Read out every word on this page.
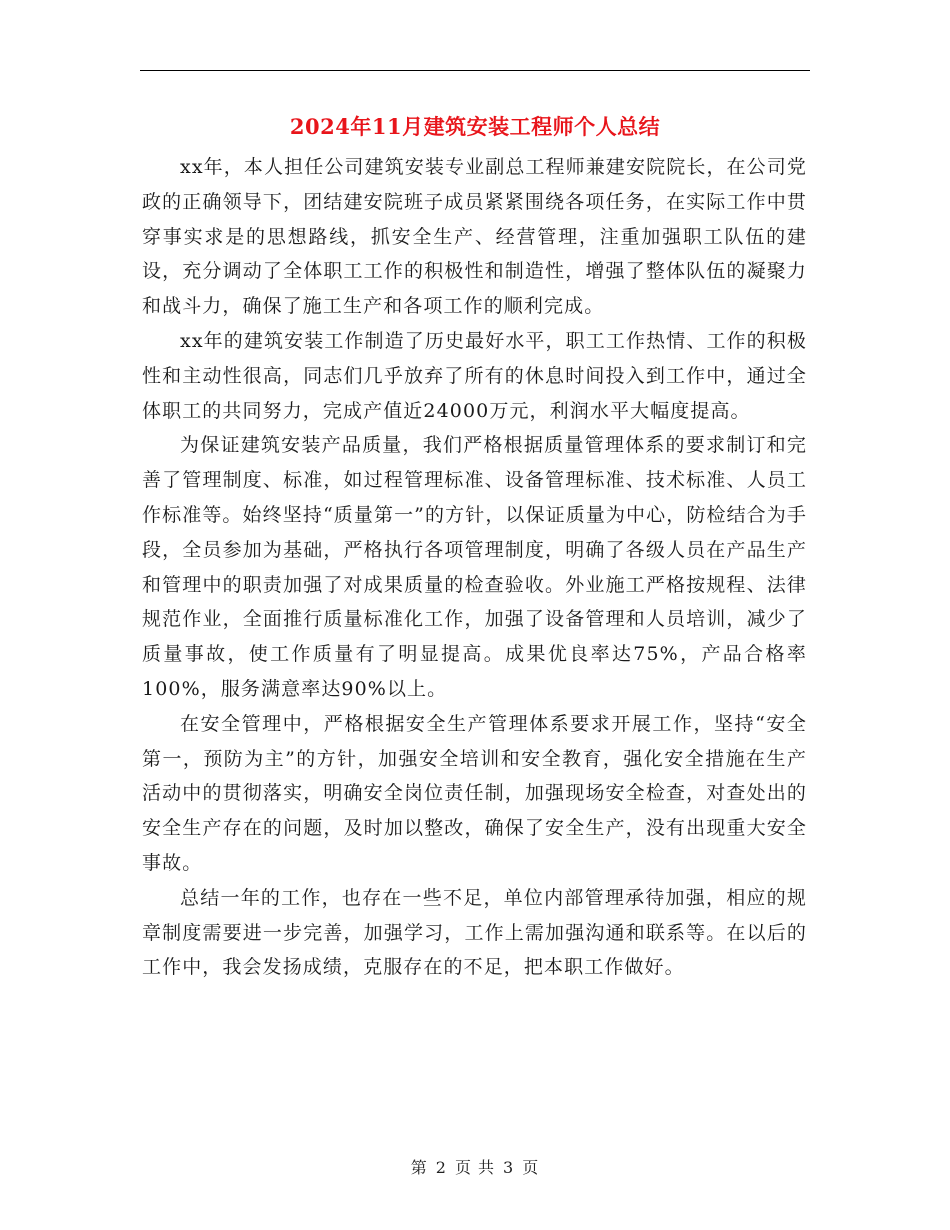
2024年11月建筑安装工程师个人总结

xx年，本人担任公司建筑安装专业副总工程师兼建安院院长，在公司党政的正确领导下，团结建安院班子成员紧紧围绕各项任务，在实际工作中贯穿事实求是的思想路线，抓安全生产、经营管理，注重加强职工队伍的建设，充分调动了全体职工工作的积极性和制造性，增强了整体队伍的凝聚力和战斗力，确保了施工生产和各项工作的顺利完成。

xx年的建筑安装工作制造了历史最好水平，职工工作热情、工作的积极性和主动性很高，同志们几乎放弃了所有的休息时间投入到工作中，通过全体职工的共同努力，完成产值近24000万元，利润水平大幅度提高。

为保证建筑安装产品质量，我们严格根据质量管理体系的要求制订和完善了管理制度、标准，如过程管理标准、设备管理标准、技术标准、人员工作标准等。始终坚持“质量第一”的方针，以保证质量为中心，防检结合为手段，全员参加为基础，严格执行各项管理制度，明确了各级人员在产品生产和管理中的职责加强了对成果质量的检查验收。外业施工严格按规程、法律规范作业，全面推行质量标准化工作，加强了设备管理和人员培训，减少了质量事故，使工作质量有了明显提高。成果优良率达75%，产品合格率100%，服务满意率达90%以上。

在安全管理中，严格根据安全生产管理体系要求开展工作，坚持“安全第一，预防为主”的方针，加强安全培训和安全教育，强化安全措施在生产活动中的贯彻落实，明确安全岗位责任制，加强现场安全检查，对查处出的安全生产存在的问题，及时加以整改，确保了安全生产，没有出现重大安全事故。

总结一年的工作，也存在一些不足，单位内部管理承待加强，相应的规章制度需要进一步完善，加强学习，工作上需加强沟通和联系等。在以后的工作中，我会发扬成绩，克服存在的不足，把本职工作做好。

第 2 页 共 3 页
